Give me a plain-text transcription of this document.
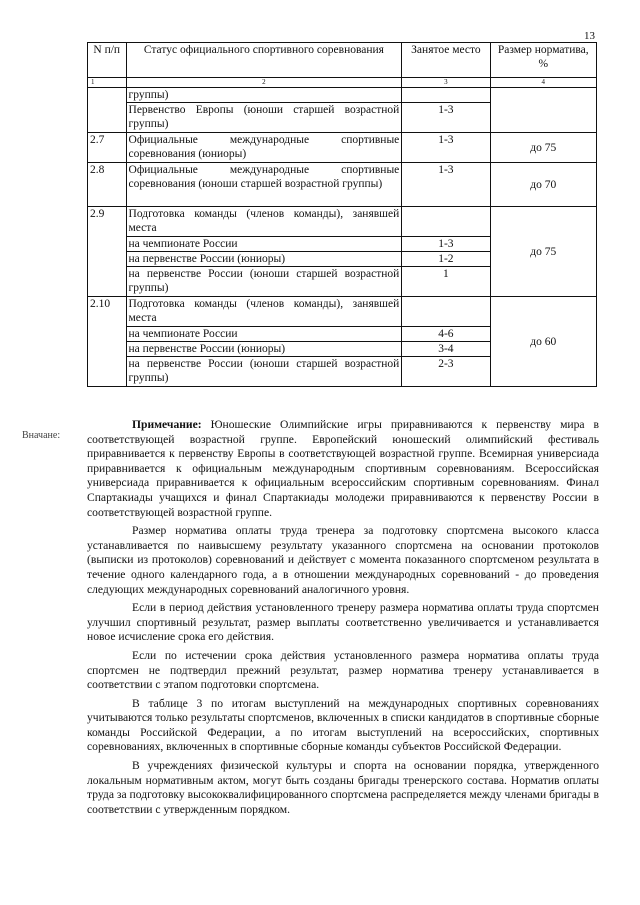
13
Вначане:
N п/п	Статус официального спортивного соревнования	Занятое место	Размер норматива, %
1	2	3	4
	группы)		
	Первенство Европы (юноши старшей возрастной группы)	1-3	
2.7	Официальные международные спортивные соревнования (юниоры)	1-3	до 75
2.8	Официальные международные спортивные соревнования (юноши старшей возрастной группы)	1-3	до 70
2.9	Подготовка команды (членов команды), занявшей места		до 75
	на чемпионате России	1-3	
	на первенстве России (юниоры)	1-2	
	на первенстве России (юноши старшей возрастной группы)	1	
2.10	Подготовка команды (членов команды), занявшей места		до 60
	на чемпионате России	4-6	
	на первенстве России (юниоры)	3-4	
	на первенстве России (юноши старшей возрастной группы)	2-3	

Примечание: Юношеские Олимпийские игры приравниваются к первенству мира в соответствующей возрастной группе. Европейский юношеский олимпийский фестиваль приравнивается к первенству Европы в соответствующей возрастной группе. Всемирная универсиада приравнивается к официальным международным спортивным соревнованиям. Всероссийская универсиада приравнивается к официальным всероссийским спортивным соревнованиям. Финал Спартакиады учащихся и финал Спартакиады молодежи приравниваются к первенству России в соответствующей возрастной группе.

Размер норматива оплаты труда тренера за подготовку спортсмена высокого класса устанавливается по наивысшему результату указанного спортсмена на основании протоколов (выписки из протоколов) соревнований и действует с момента показанного спортсменом результата в течение одного календарного года, а в отношении международных соревнований - до проведения следующих международных соревнований аналогичного уровня.

Если в период действия установленного тренеру размера норматива оплаты труда спортсмен улучшил спортивный результат, размер выплаты соответственно увеличивается и устанавливается новое исчисление срока его действия.

Если по истечении срока действия установленного размера норматива оплаты труда спортсмен не подтвердил прежний результат, размер норматива тренеру устанавливается в соответствии с этапом подготовки спортсмена.

В таблице 3 по итогам выступлений на международных спортивных соревнованиях учитываются только результаты спортсменов, включенных в списки кандидатов в спортивные сборные команды Российской Федерации, а по итогам выступлений на всероссийских, спортивных соревнованиях, включенных в спортивные сборные команды субъектов Российской Федерации.

В учреждениях физической культуры и спорта на основании порядка, утвержденного локальным нормативным актом, могут быть созданы бригады тренерского состава. Норматив оплаты труда за подготовку высококвалифицированного спортсмена распределяется между членами бригады в соответствии с утвержденным порядком.
